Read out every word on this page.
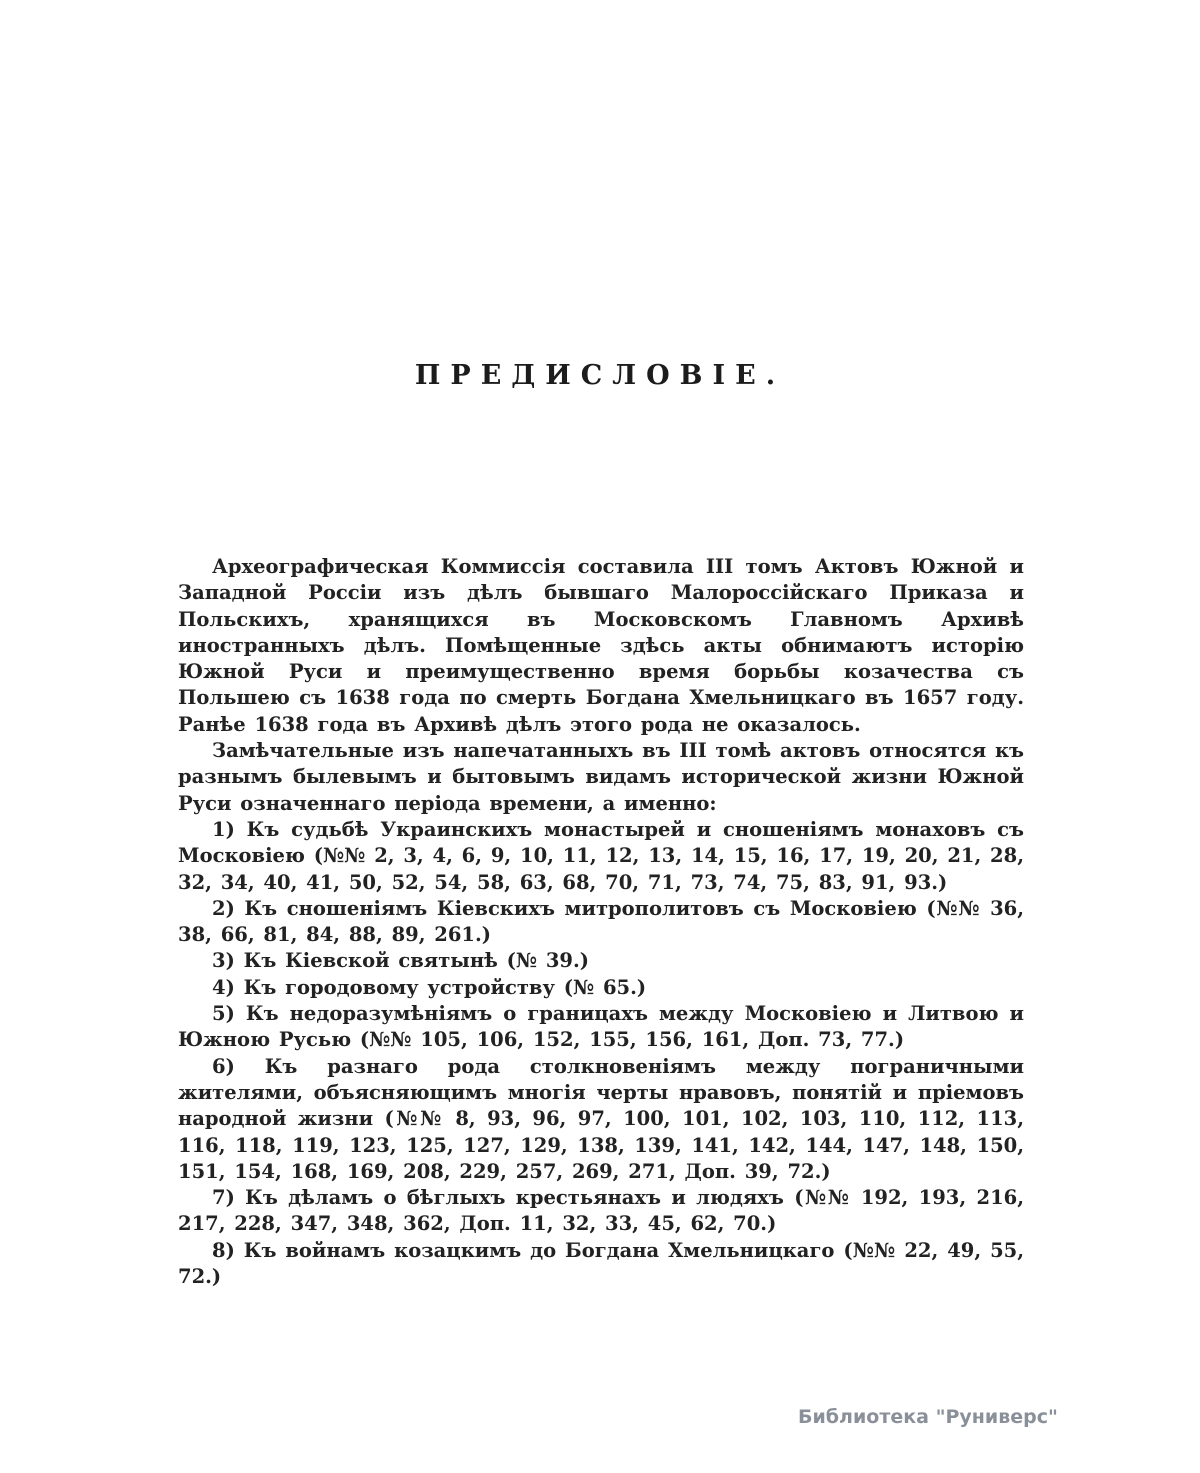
ПРЕДИСЛОВІЕ.

Археографическая Коммиссія составила III томъ Актовъ Южной и Западной Россіи изъ дѣлъ бывшаго Малороссійскаго Приказа и Польскихъ, хранящихся въ Московскомъ Главномъ Архивѣ иностранныхъ дѣлъ. Помѣщенные здѣсь акты обнимаютъ исторію Южной Руси и преимущественно время борьбы козачества съ Польшею съ 1638 года по смерть Богдана Хмельницкаго въ 1657 году. Ранѣе 1638 года въ Архивѣ дѣлъ этого рода не оказалось.

Замѣчательные изъ напечатанныхъ въ III томѣ актовъ относятся къ разнымъ былевымъ и бытовымъ видамъ исторической жизни Южной Руси означеннаго періода времени, а именно:

1) Къ судьбѣ Украинскихъ монастырей и сношеніямъ монаховъ съ Московіею (№№ 2, 3, 4, 6, 9, 10, 11, 12, 13, 14, 15, 16, 17, 19, 20, 21, 28, 32, 34, 40, 41, 50, 52, 54, 58, 63, 68, 70, 71, 73, 74, 75, 83, 91, 93.)

2) Къ сношеніямъ Кіевскихъ митрополитовъ съ Московіею (№№ 36, 38, 66, 81, 84, 88, 89, 261.)

3) Къ Кіевской святынѣ (№ 39.)

4) Къ городовому устройству (№ 65.)

5) Къ недоразумѣніямъ о границахъ между Московіею и Литвою и Южною Русью (№№ 105, 106, 152, 155, 156, 161, Доп. 73, 77.)

6) Къ разнаго рода столкновеніямъ между пограничными жителями, объясняющимъ многія черты нравовъ, понятій и пріемовъ народной жизни (№№ 8, 93, 96, 97, 100, 101, 102, 103, 110, 112, 113, 116, 118, 119, 123, 125, 127, 129, 138, 139, 141, 142, 144, 147, 148, 150, 151, 154, 168, 169, 208, 229, 257, 269, 271, Доп. 39, 72.)

7) Къ дѣламъ о бѣглыхъ крестьянахъ и людяхъ (№№ 192, 193, 216, 217, 228, 347, 348, 362, Доп. 11, 32, 33, 45, 62, 70.)

8) Къ войнамъ козацкимъ до Богдана Хмельницкаго (№№ 22, 49, 55, 72.)

Библиотека "Руниверс"
